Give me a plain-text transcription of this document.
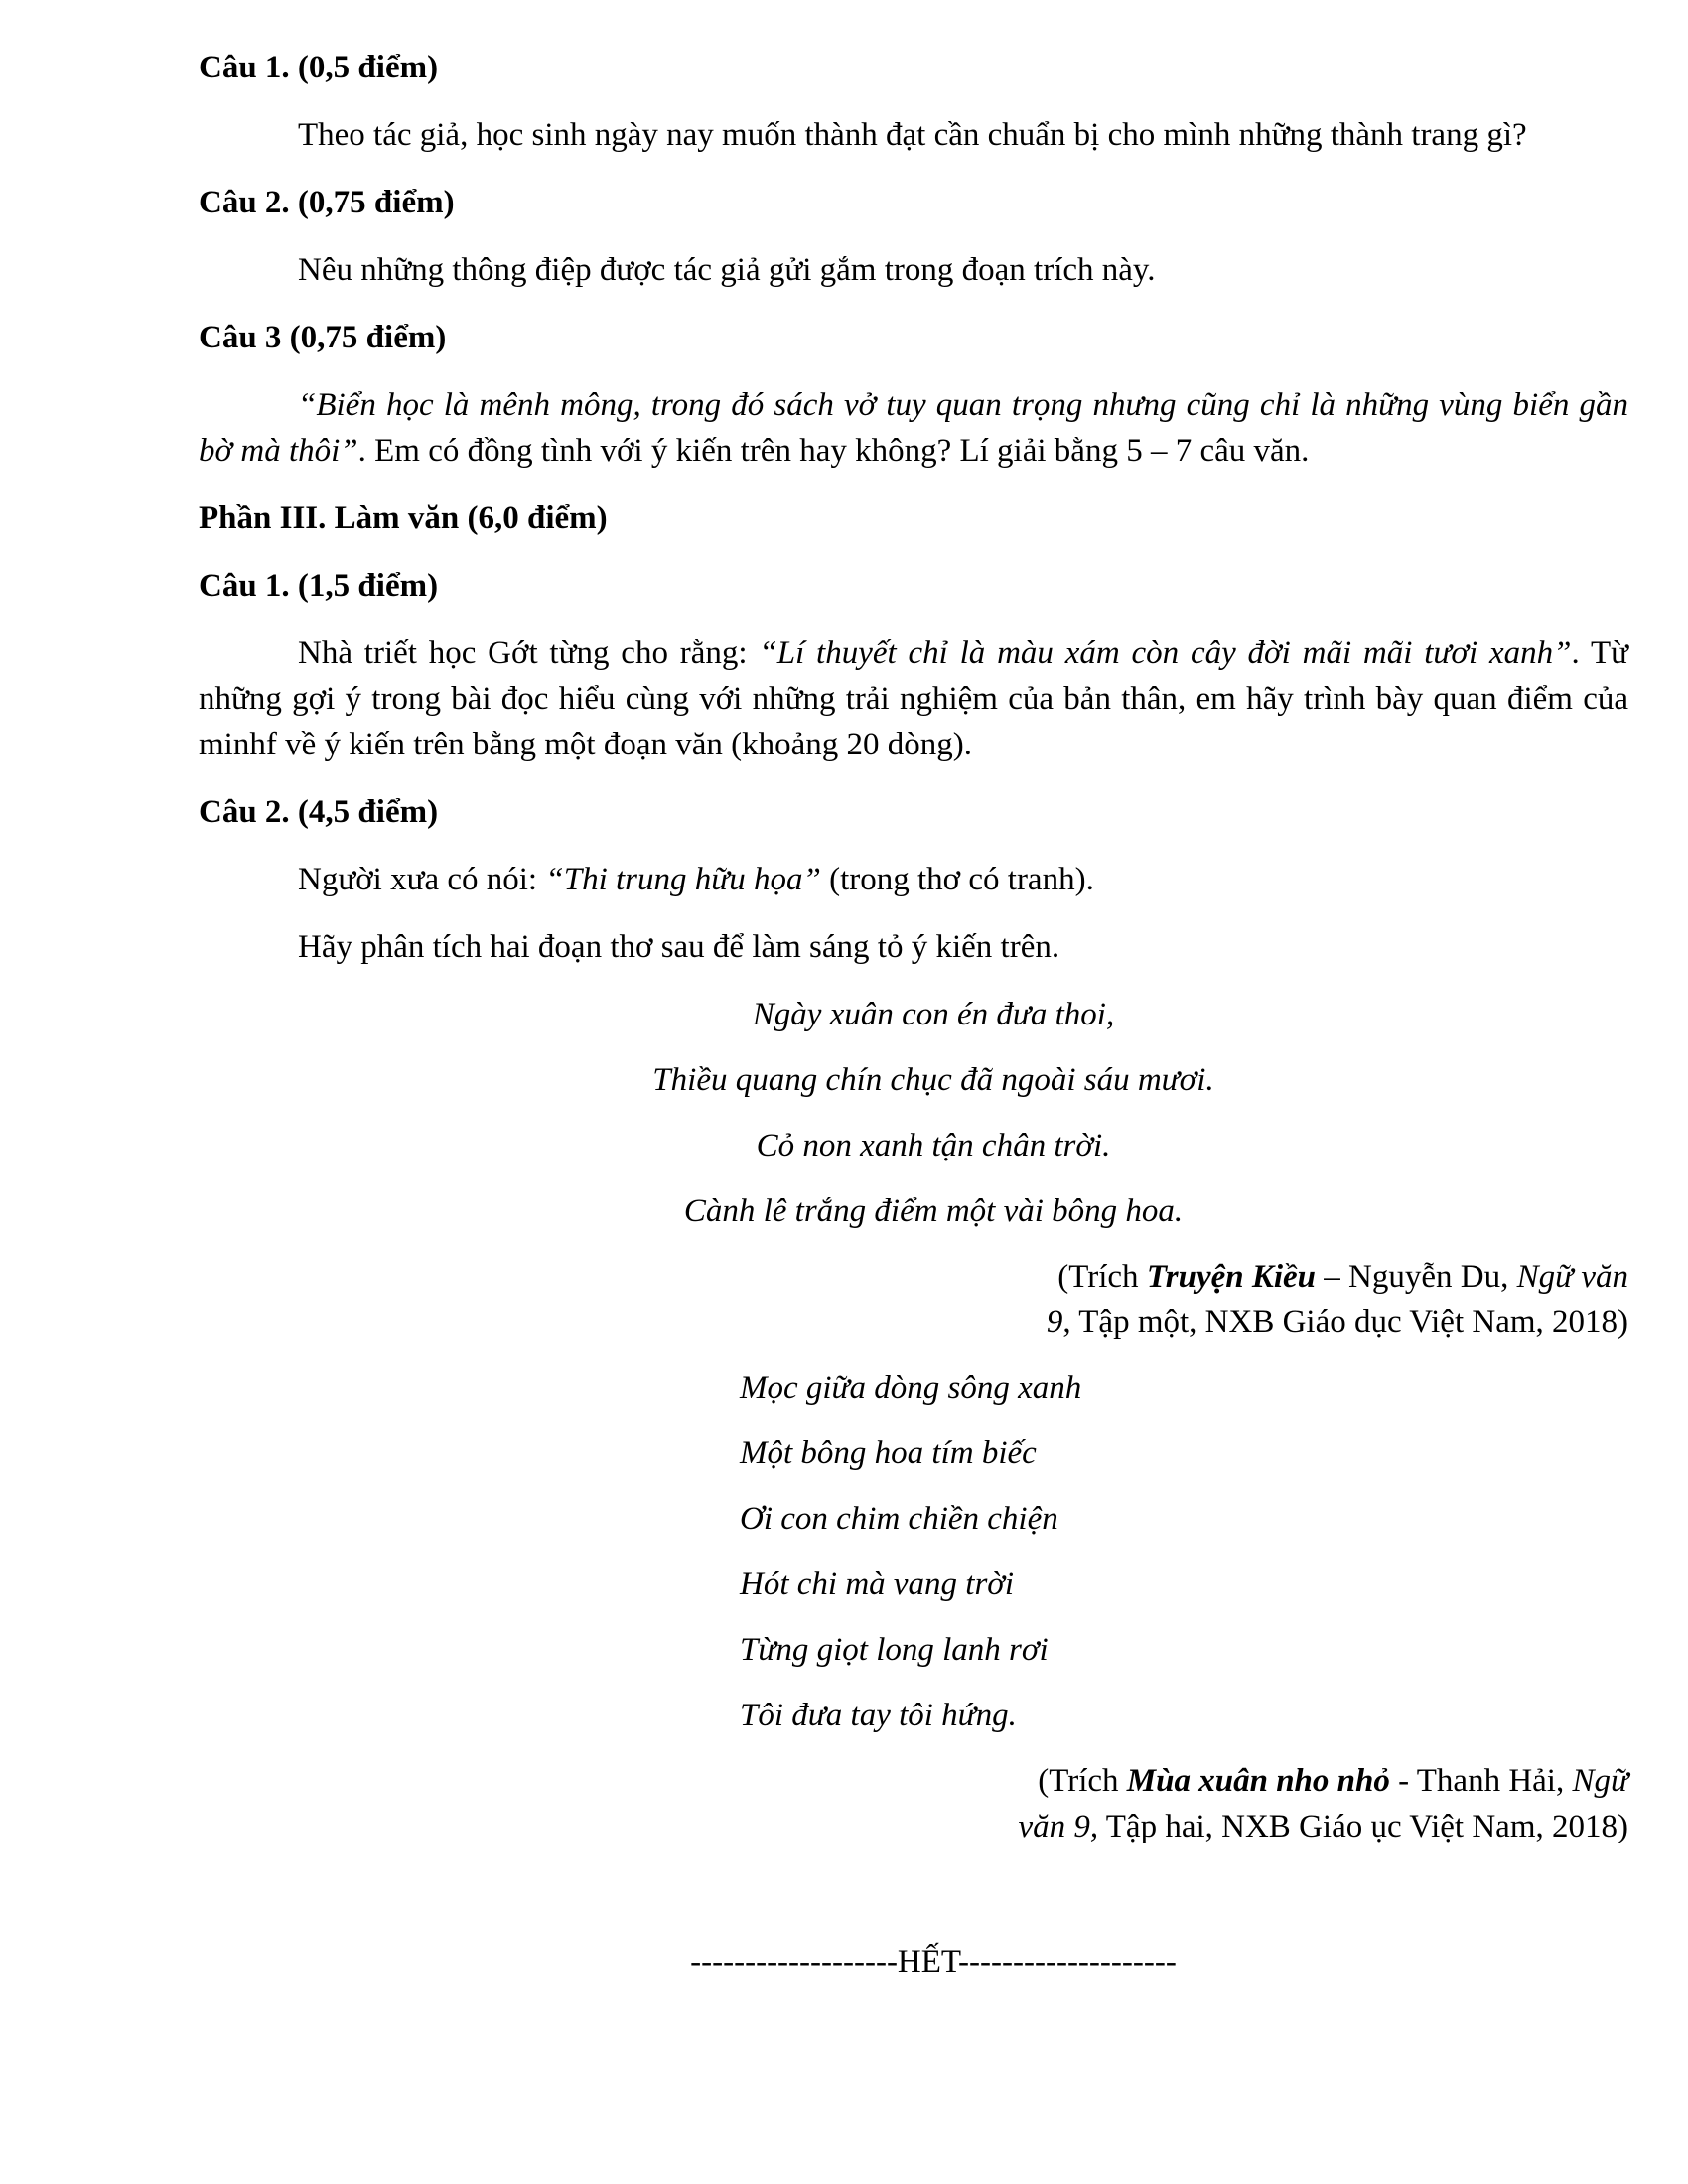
Câu 1. (0,5 điểm)

Theo tác giả, học sinh ngày nay muốn thành đạt cần chuẩn bị cho mình những thành trang gì?

Câu 2. (0,75 điểm)

Nêu những thông điệp được tác giả gửi gắm trong đoạn trích này.

Câu 3 (0,75 điểm)

“Biển học là mênh mông, trong đó sách vở tuy quan trọng nhưng cũng chỉ là những vùng biển gần bờ mà thôi”. Em có đồng tình với ý kiến trên hay không? Lí giải bằng 5 – 7 câu văn.

Phần III. Làm văn (6,0 điểm)

Câu 1. (1,5 điểm)

Nhà triết học Gớt từng cho rằng: “Lí thuyết chỉ là màu xám còn cây đời mãi mãi tươi xanh”. Từ những gợi ý trong bài đọc hiểu cùng với những trải nghiệm của bản thân, em hãy trình bày quan điểm của minhf về ý kiến trên bằng một đoạn văn (khoảng 20 dòng).

Câu 2. (4,5 điểm)

Người xưa có nói: “Thi trung hữu họa” (trong thơ có tranh).

Hãy phân tích hai đoạn thơ sau để làm sáng tỏ ý kiến trên.

Ngày xuân con én đưa thoi,

Thiều quang chín chục đã ngoài sáu mươi.

Cỏ non xanh tận chân trời.

Cành lê trắng điểm một vài bông hoa.

(Trích Truyện Kiều – Nguyễn Du, Ngữ văn
9, Tập một, NXB Giáo dục Việt Nam, 2018)

Mọc giữa dòng sông xanh

Một bông hoa tím biếc

Ơi con chim chiền chiện

Hót chi mà vang trời

Từng giọt long lanh rơi

Tôi đưa tay tôi hứng.

(Trích Mùa xuân nho nhỏ - Thanh Hải, Ngữ
văn 9, Tập hai, NXB Giáo ục Việt Nam, 2018)

-------------------HẾT--------------------
